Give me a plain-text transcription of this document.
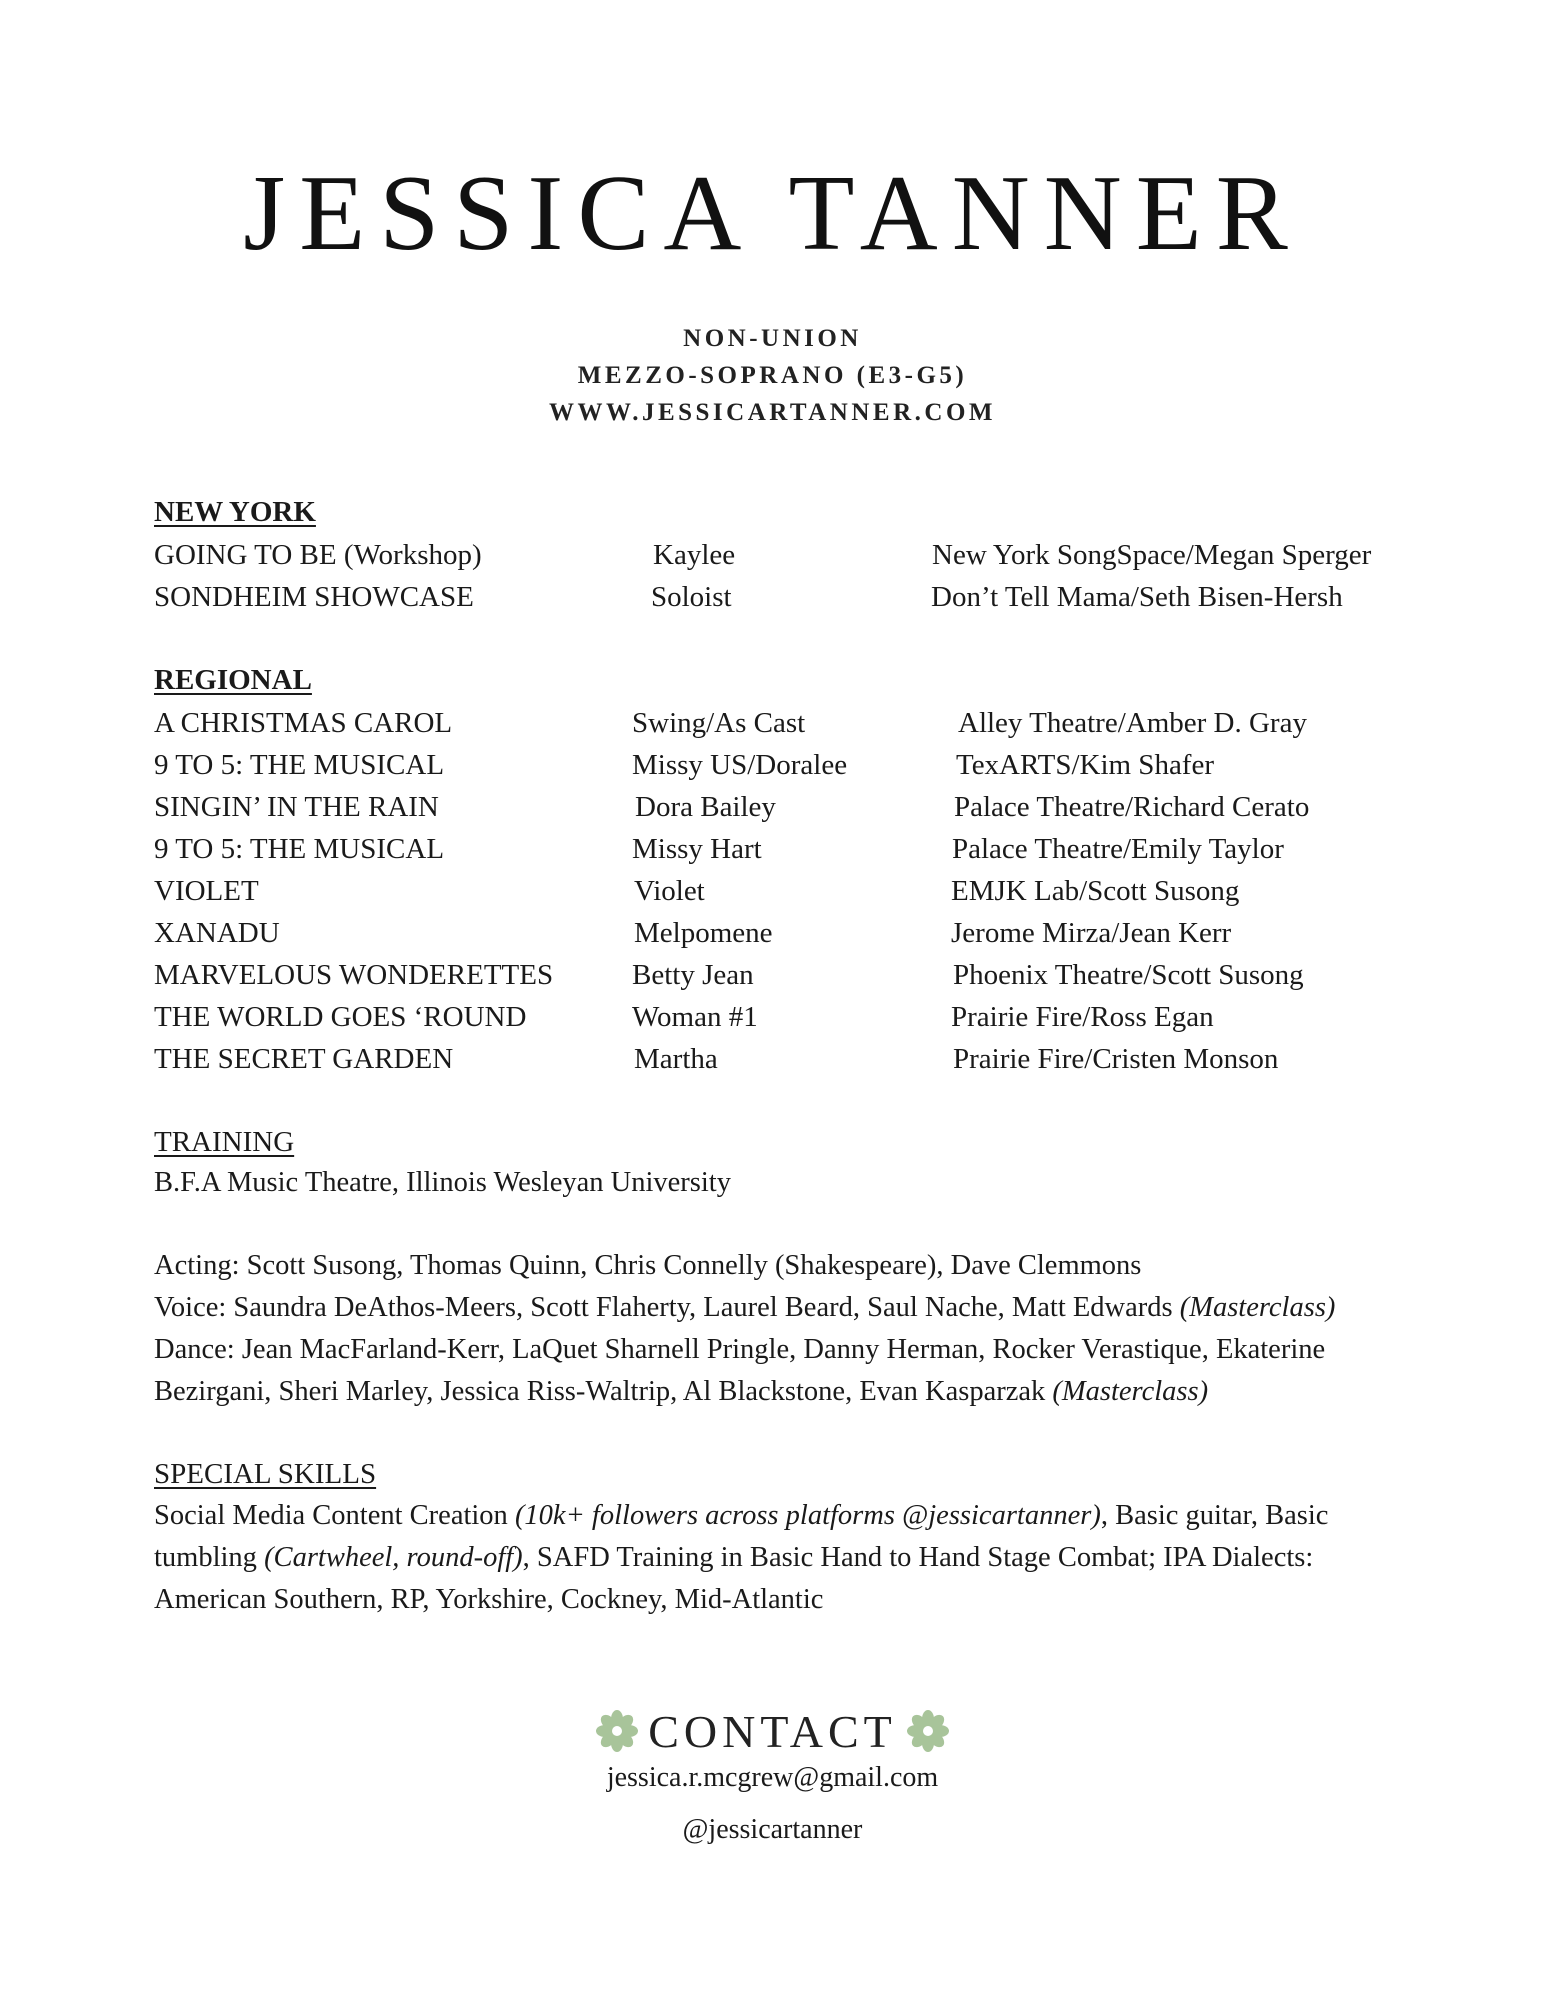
JESSICA TANNER
NON-UNION
MEZZO-SOPRANO (E3-G5)
WWW.JESSICARTANNER.COM
NEW YORK
GOING TO BE (Workshop)	Kaylee	New York SongSpace/Megan Sperger
SONDHEIM SHOWCASE	Soloist	Don’t Tell Mama/Seth Bisen-Hersh
REGIONAL
A CHRISTMAS CAROL	Swing/As Cast	Alley Theatre/Amber D. Gray
9 TO 5: THE MUSICAL	Missy US/Doralee	TexARTS/Kim Shafer
SINGIN’ IN THE RAIN	Dora Bailey	Palace Theatre/Richard Cerato
9 TO 5: THE MUSICAL	Missy Hart	Palace Theatre/Emily Taylor
VIOLET	Violet	EMJK Lab/Scott Susong
XANADU	Melpomene	Jerome Mirza/Jean Kerr
MARVELOUS WONDERETTES	Betty Jean	Phoenix Theatre/Scott Susong
THE WORLD GOES ‘ROUND	Woman #1	Prairie Fire/Ross Egan
THE SECRET GARDEN	Martha	Prairie Fire/Cristen Monson
TRAINING
B.F.A Music Theatre, Illinois Wesleyan University
Acting: Scott Susong, Thomas Quinn, Chris Connelly (Shakespeare), Dave Clemmons
Voice: Saundra DeAthos-Meers, Scott Flaherty, Laurel Beard, Saul Nache, Matt Edwards (Masterclass)
Dance: Jean MacFarland-Kerr, LaQuet Sharnell Pringle, Danny Herman, Rocker Verastique, Ekaterine Bezirgani, Sheri Marley, Jessica Riss-Waltrip, Al Blackstone, Evan Kasparzak (Masterclass)
SPECIAL SKILLS
Social Media Content Creation (10k+ followers across platforms @jessicartanner), Basic guitar, Basic tumbling (Cartwheel, round-off), SAFD Training in Basic Hand to Hand Stage Combat; IPA Dialects: American Southern, RP, Yorkshire, Cockney, Mid-Atlantic
CONTACT
jessica.r.mcgrew@gmail.com
@jessicartanner
